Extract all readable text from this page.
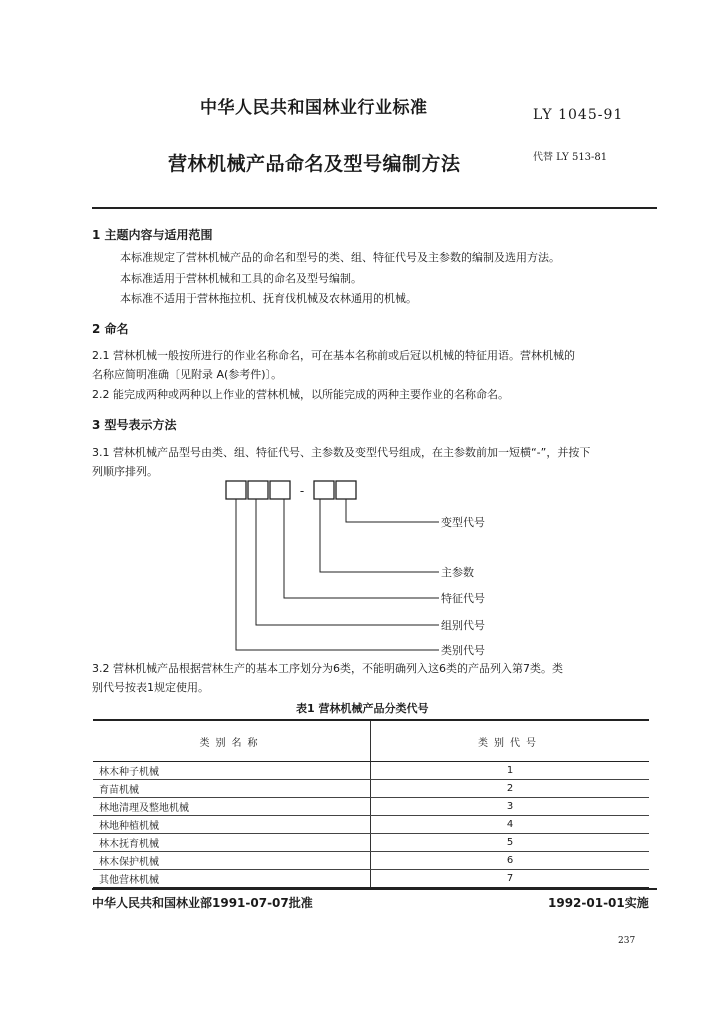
中华人民共和国林业行业标准	LY 1045-91
营林机械产品命名及型号编制方法	代替 LY 513-81
1 主题内容与适用范围
本标准规定了营林机械产品的命名和型号的类、组、特征代号及主参数的编制及选用方法。
本标准适用于营林机械和工具的命名及型号编制。
本标准不适用于营林拖拉机、抚育伐机械及农林通用的机械。
2 命名
2.1 营林机械一般按所进行的作业名称命名，可在基本名称前或后冠以机械的特征用语。营林机械的
名称应简明准确〔见附录 A(参考件)〕。
2.2 能完成两种或两种以上作业的营林机械，以所能完成的两种主要作业的名称命名。
3 型号表示方法
3.1 营林机械产品型号由类、组、特征代号、主参数及变型代号组成，在主参数前加一短横“-”，并按下
列顺序排列。
-
变型代号
主参数
特征代号
组别代号
类别代号
3.2 营林机械产品根据营林生产的基本工序划分为6类，不能明确列入这6类的产品列入第7类。类
别代号按表1规定使用。
表1 营林机械产品分类代号
类别名称	类别代号
林木种子机械	1
育苗机械	2
林地清理及整地机械	3
林地种植机械	4
林木抚育机械	5
林木保护机械	6
其他营林机械	7
中华人民共和国林业部1991-07-07批准	1992-01-01实施
237
